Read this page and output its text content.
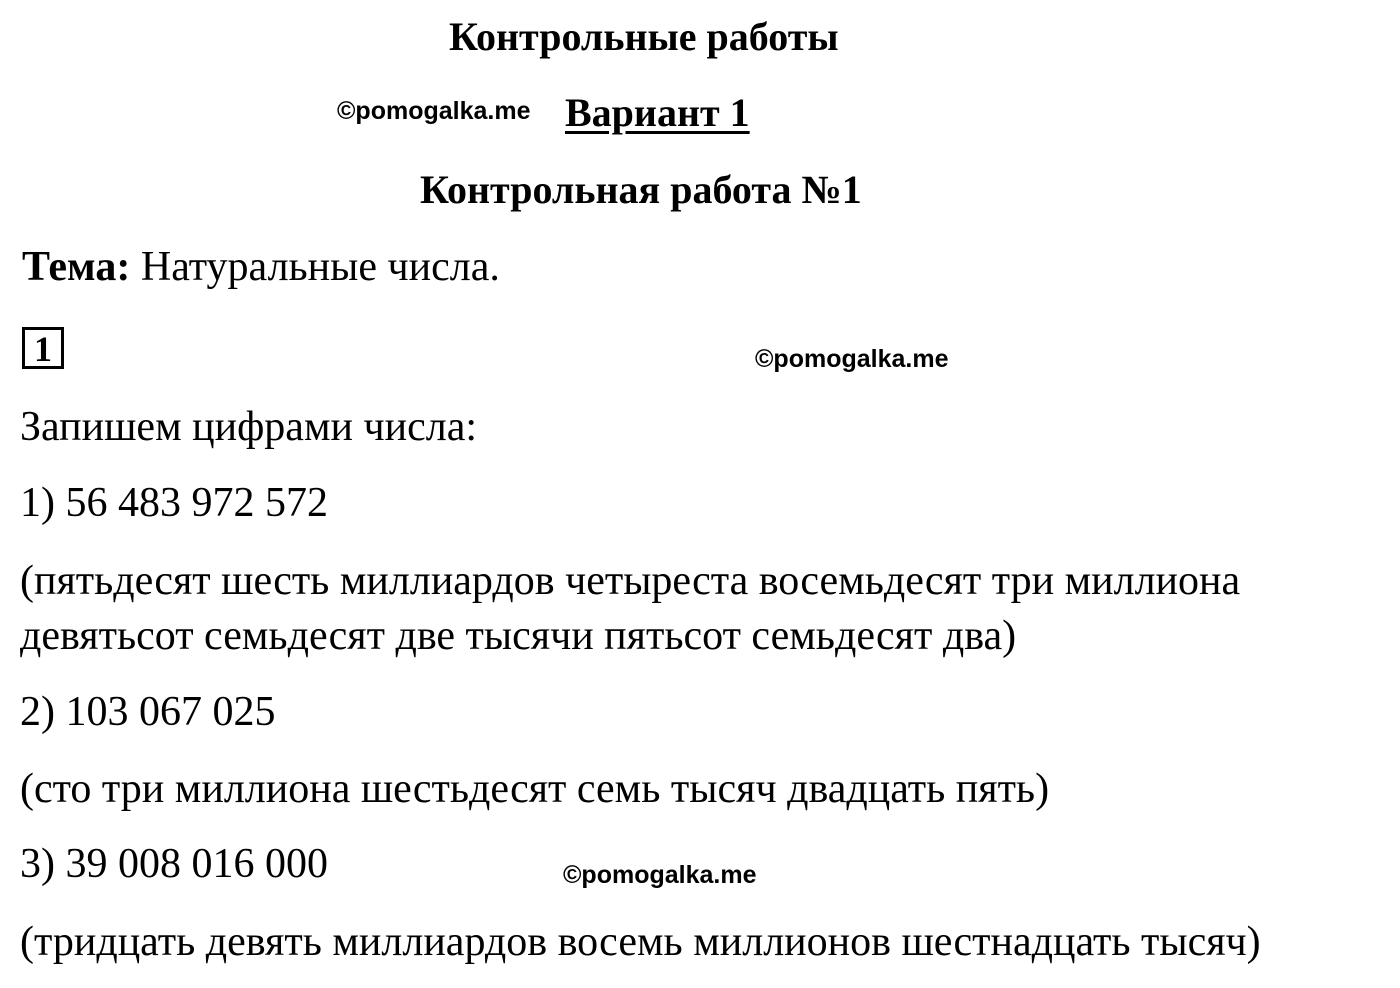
Контрольные работы
©pomogalka.me Вариант 1
Контрольная работа №1
Тема: Натуральные числа.
1	©pomogalka.me
Запишем цифрами числа:
1) 56 483 972 572
(пятьдесят шесть миллиардов четыреста восемьдесят три миллиона
девятьсот семьдесят две тысячи пятьсот семьдесят два)
2) 103 067 025
(сто три миллиона шестьдесят семь тысяч двадцать пять)
3) 39 008 016 000	©pomogalka.me
(тридцать девять миллиардов восемь миллионов шестнадцать тысяч)
